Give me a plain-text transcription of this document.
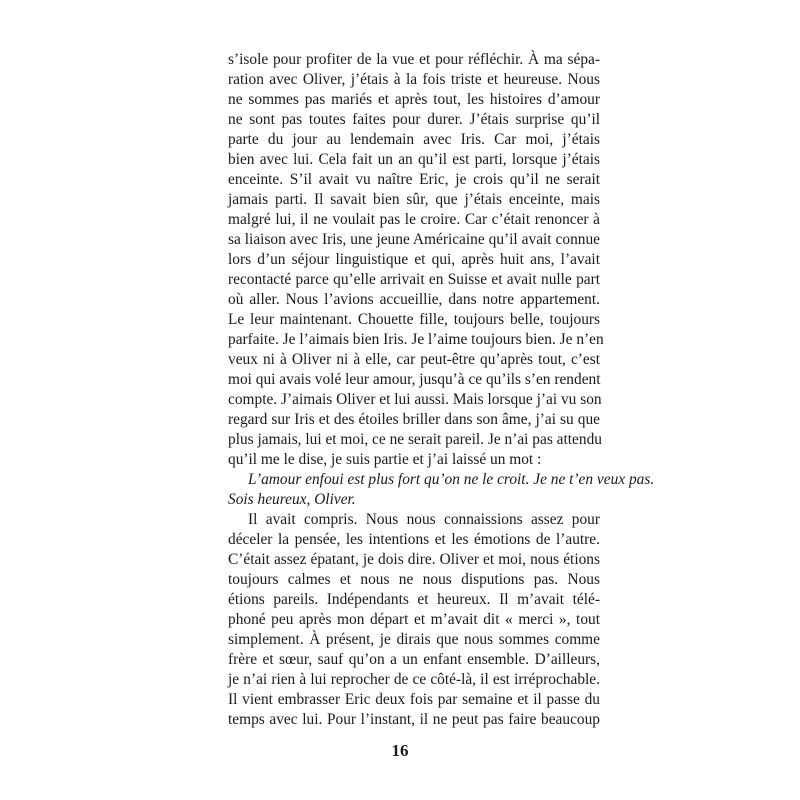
s’isole pour profiter de la vue et pour réfléchir. À ma sépa-
ration avec Oliver, j’étais à la fois triste et heureuse. Nous
ne sommes pas mariés et après tout, les histoires d’amour
ne sont pas toutes faites pour durer. J’étais surprise qu’il
parte du jour au lendemain avec Iris. Car moi, j’étais
bien avec lui. Cela fait un an qu’il est parti, lorsque j’étais
enceinte. S’il avait vu naître Eric, je crois qu’il ne serait
jamais parti. Il savait bien sûr, que j’étais enceinte, mais
malgré lui, il ne voulait pas le croire. Car c’était renoncer à
sa liaison avec Iris, une jeune Américaine qu’il avait connue
lors d’un séjour linguistique et qui, après huit ans, l’avait
recontacté parce qu’elle arrivait en Suisse et avait nulle part
où aller. Nous l’avions accueillie, dans notre appartement.
Le leur maintenant. Chouette fille, toujours belle, toujours
parfaite. Je l’aimais bien Iris. Je l’aime toujours bien. Je n’en
veux ni à Oliver ni à elle, car peut-être qu’après tout, c’est
moi qui avais volé leur amour, jusqu’à ce qu’ils s’en rendent
compte. J’aimais Oliver et lui aussi. Mais lorsque j’ai vu son
regard sur Iris et des étoiles briller dans son âme, j’ai su que
plus jamais, lui et moi, ce ne serait pareil. Je n’ai pas attendu
qu’il me le dise, je suis partie et j’ai laissé un mot :
L’amour enfoui est plus fort qu’on ne le croit. Je ne t’en veux pas.
Sois heureux, Oliver.
Il avait compris. Nous nous connaissions assez pour
déceler la pensée, les intentions et les émotions de l’autre.
C’était assez épatant, je dois dire. Oliver et moi, nous étions
toujours calmes et nous ne nous disputions pas. Nous
étions pareils. Indépendants et heureux. Il m’avait télé-
phoné peu après mon départ et m’avait dit « merci », tout
simplement. À présent, je dirais que nous sommes comme
frère et sœur, sauf qu’on a un enfant ensemble. D’ailleurs,
je n’ai rien à lui reprocher de ce côté-là, il est irréprochable.
Il vient embrasser Eric deux fois par semaine et il passe du
temps avec lui. Pour l’instant, il ne peut pas faire beaucoup
16
